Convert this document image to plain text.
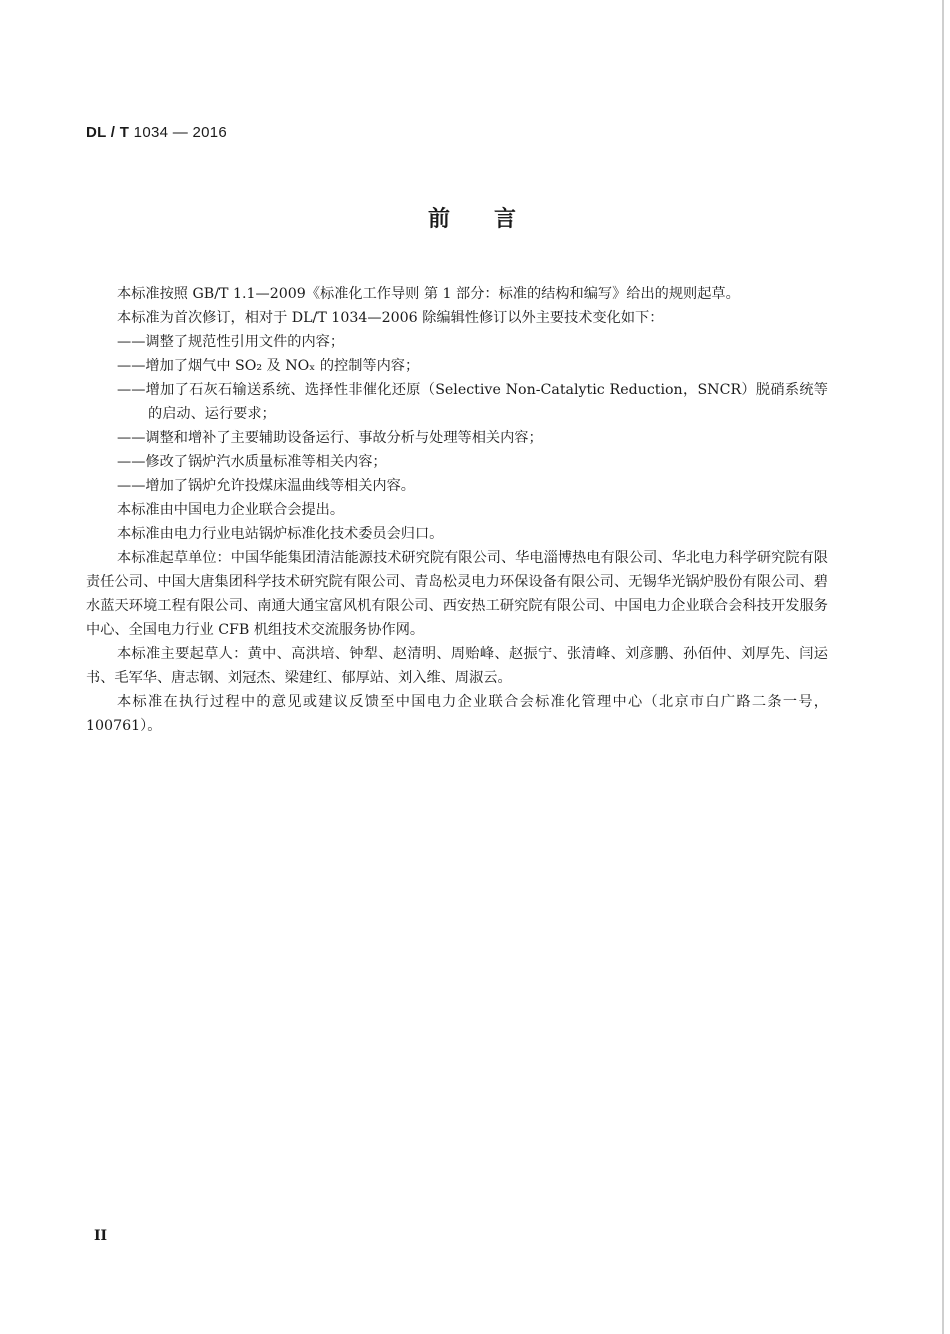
DL / T 1034 — 2016
前言

本标准按照 GB/T 1.1—2009《标准化工作导则 第 1 部分：标准的结构和编写》给出的规则起草。

本标准为首次修订，相对于 DL/T 1034—2006 除编辑性修订以外主要技术变化如下：

——调整了规范性引用文件的内容；

——增加了烟气中 SO₂ 及 NOₓ 的控制等内容；

——增加了石灰石输送系统、选择性非催化还原（Selective Non-Catalytic Reduction，SNCR）脱硝系统等的启动、运行要求；

——调整和增补了主要辅助设备运行、事故分析与处理等相关内容；

——修改了锅炉汽水质量标准等相关内容；

——增加了锅炉允许投煤床温曲线等相关内容。

本标准由中国电力企业联合会提出。

本标准由电力行业电站锅炉标准化技术委员会归口。

本标准起草单位：中国华能集团清洁能源技术研究院有限公司、华电淄博热电有限公司、华北电力科学研究院有限责任公司、中国大唐集团科学技术研究院有限公司、青岛松灵电力环保设备有限公司、无锡华光锅炉股份有限公司、碧水蓝天环境工程有限公司、南通大通宝富风机有限公司、西安热工研究院有限公司、中国电力企业联合会科技开发服务中心、全国电力行业 CFB 机组技术交流服务协作网。

本标准主要起草人：黄中、高洪培、钟犁、赵清明、周贻峰、赵振宁、张清峰、刘彦鹏、孙佰仲、刘厚先、闫运书、毛军华、唐志钢、刘冠杰、梁建红、郁厚站、刘入维、周淑云。

本标准在执行过程中的意见或建议反馈至中国电力企业联合会标准化管理中心（北京市白广路二条一号，100761）。

II
